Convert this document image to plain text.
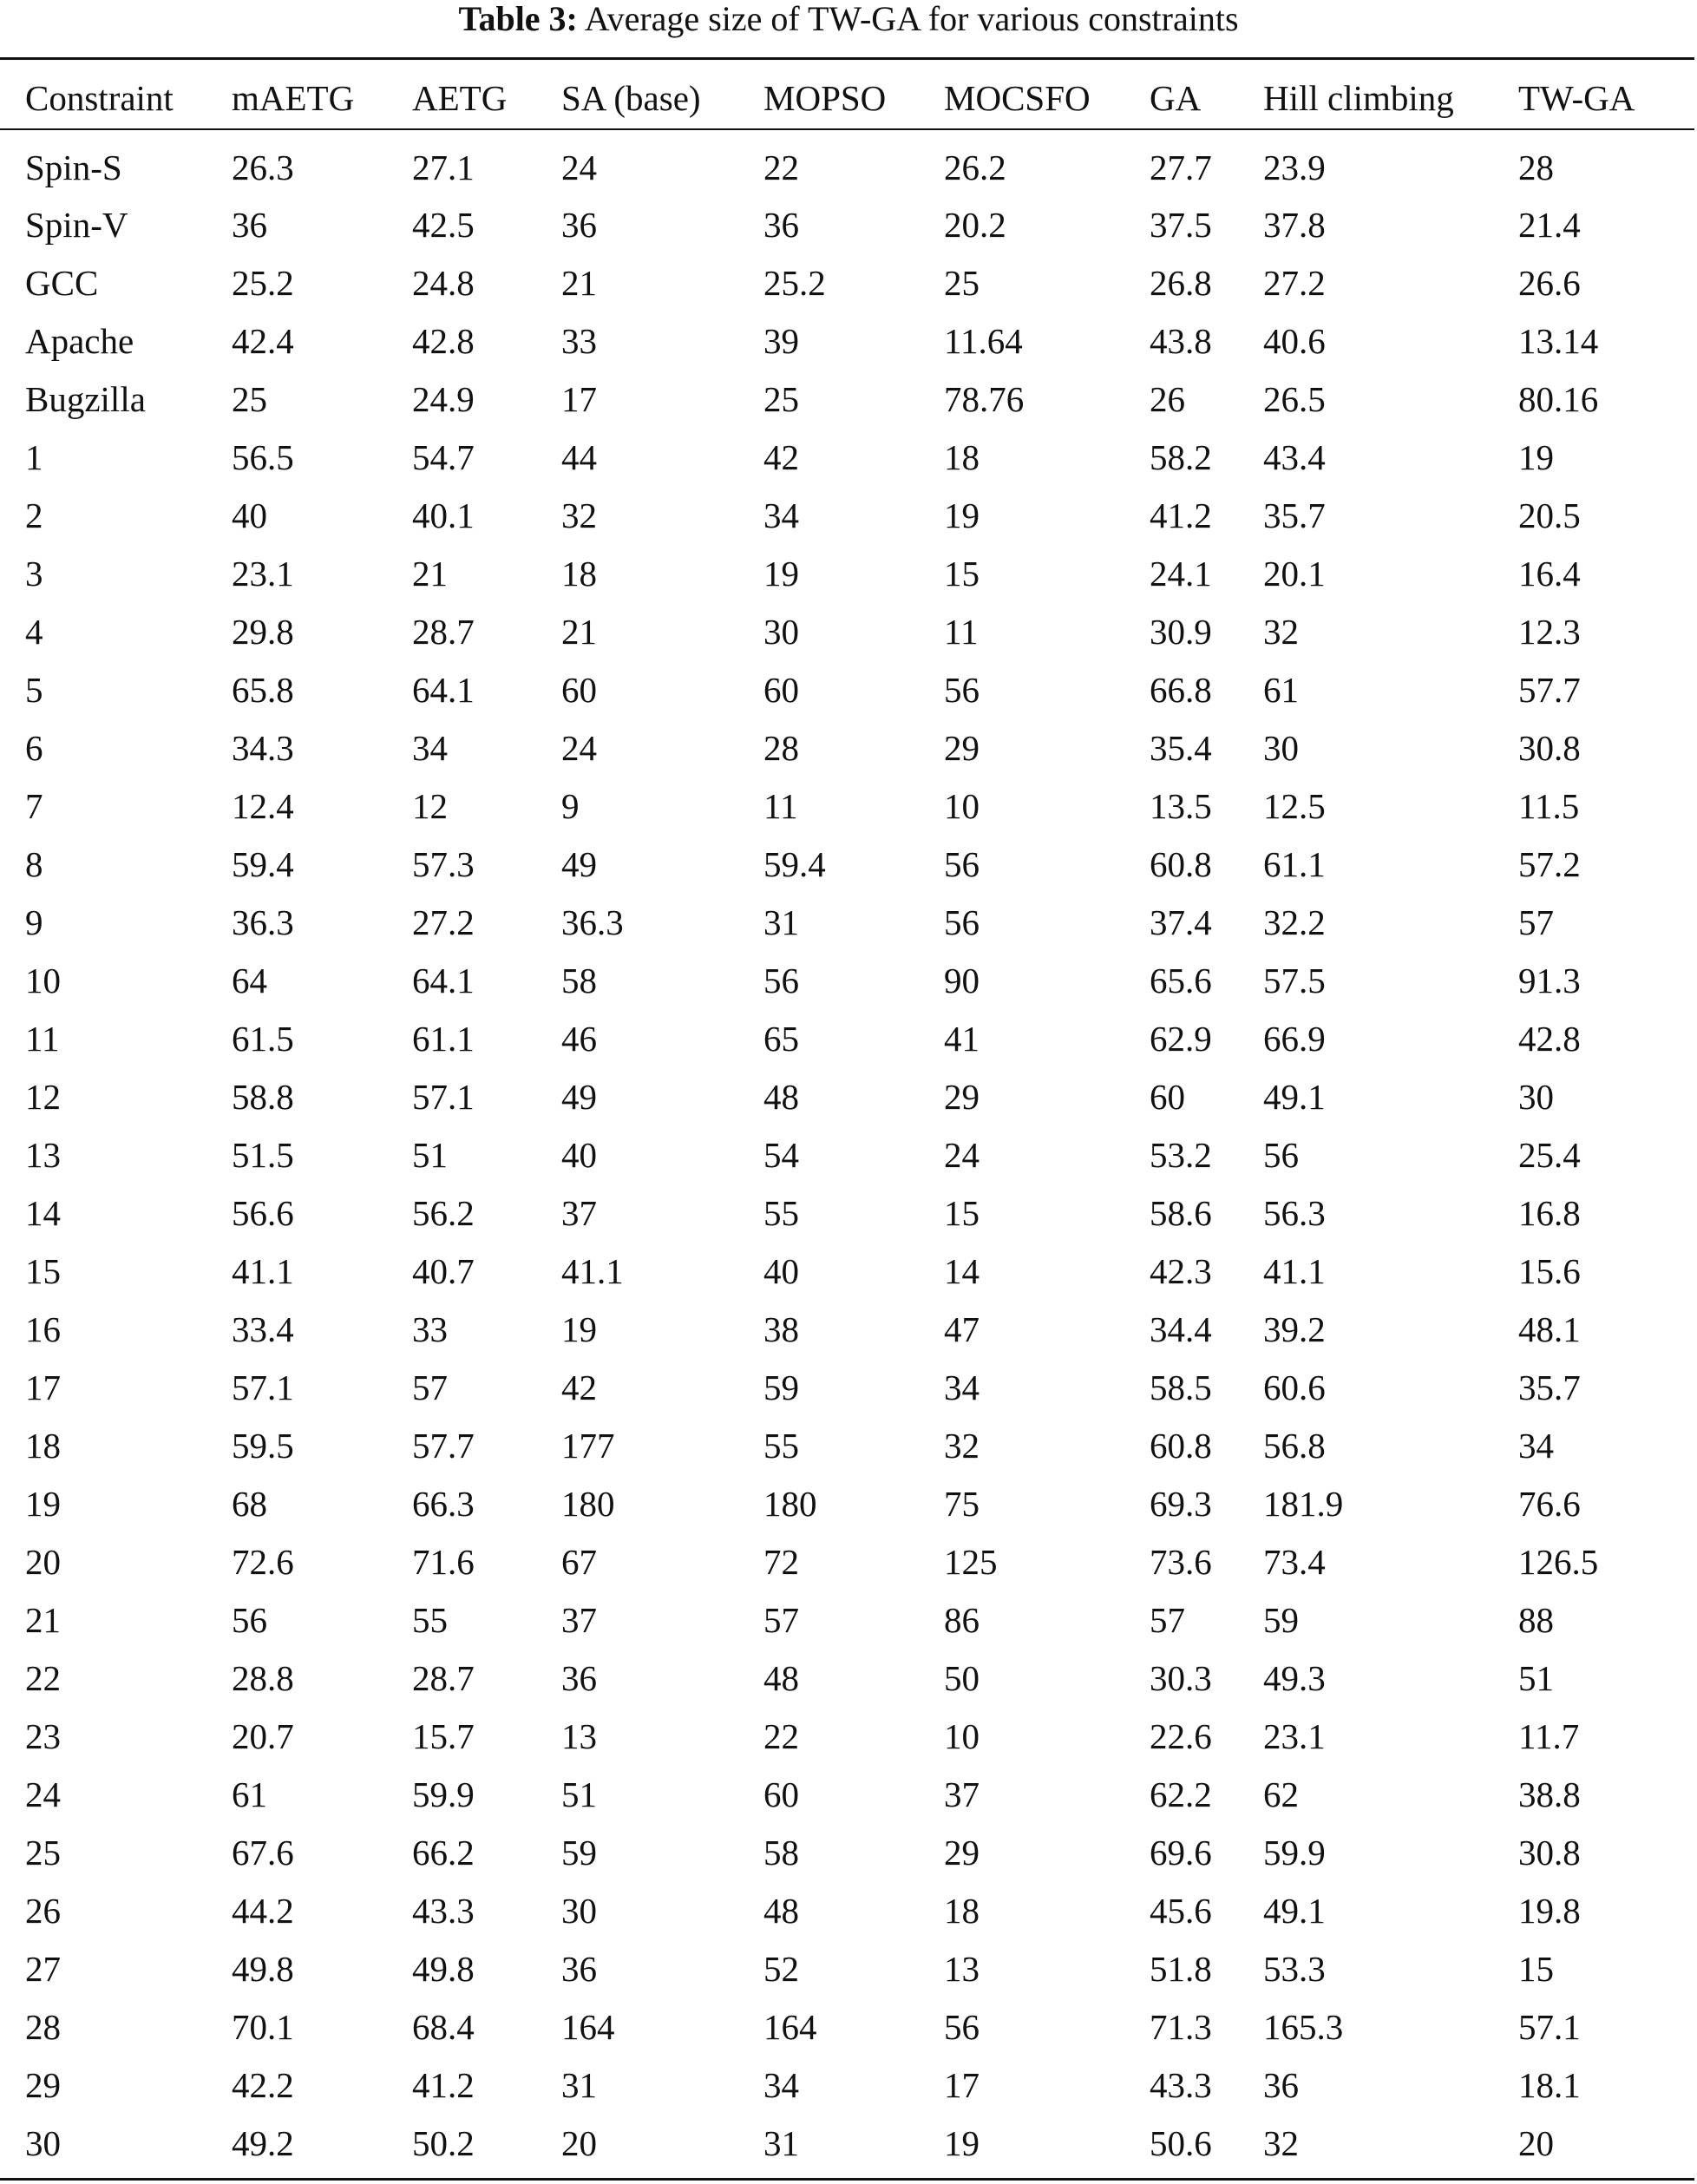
Table 3: Average size of TW-GA for various constraints
Constraint	mAETG	AETG	SA (base)	MOPSO	MOCSFO	GA	Hill climbing	TW-GA
Spin-S	26.3	27.1	24	22	26.2	27.7	23.9	28
Spin-V	36	42.5	36	36	20.2	37.5	37.8	21.4
GCC	25.2	24.8	21	25.2	25	26.8	27.2	26.6
Apache	42.4	42.8	33	39	11.64	43.8	40.6	13.14
Bugzilla	25	24.9	17	25	78.76	26	26.5	80.16
1	56.5	54.7	44	42	18	58.2	43.4	19
2	40	40.1	32	34	19	41.2	35.7	20.5
3	23.1	21	18	19	15	24.1	20.1	16.4
4	29.8	28.7	21	30	11	30.9	32	12.3
5	65.8	64.1	60	60	56	66.8	61	57.7
6	34.3	34	24	28	29	35.4	30	30.8
7	12.4	12	9	11	10	13.5	12.5	11.5
8	59.4	57.3	49	59.4	56	60.8	61.1	57.2
9	36.3	27.2	36.3	31	56	37.4	32.2	57
10	64	64.1	58	56	90	65.6	57.5	91.3
11	61.5	61.1	46	65	41	62.9	66.9	42.8
12	58.8	57.1	49	48	29	60	49.1	30
13	51.5	51	40	54	24	53.2	56	25.4
14	56.6	56.2	37	55	15	58.6	56.3	16.8
15	41.1	40.7	41.1	40	14	42.3	41.1	15.6
16	33.4	33	19	38	47	34.4	39.2	48.1
17	57.1	57	42	59	34	58.5	60.6	35.7
18	59.5	57.7	177	55	32	60.8	56.8	34
19	68	66.3	180	180	75	69.3	181.9	76.6
20	72.6	71.6	67	72	125	73.6	73.4	126.5
21	56	55	37	57	86	57	59	88
22	28.8	28.7	36	48	50	30.3	49.3	51
23	20.7	15.7	13	22	10	22.6	23.1	11.7
24	61	59.9	51	60	37	62.2	62	38.8
25	67.6	66.2	59	58	29	69.6	59.9	30.8
26	44.2	43.3	30	48	18	45.6	49.1	19.8
27	49.8	49.8	36	52	13	51.8	53.3	15
28	70.1	68.4	164	164	56	71.3	165.3	57.1
29	42.2	41.2	31	34	17	43.3	36	18.1
30	49.2	50.2	20	31	19	50.6	32	20
